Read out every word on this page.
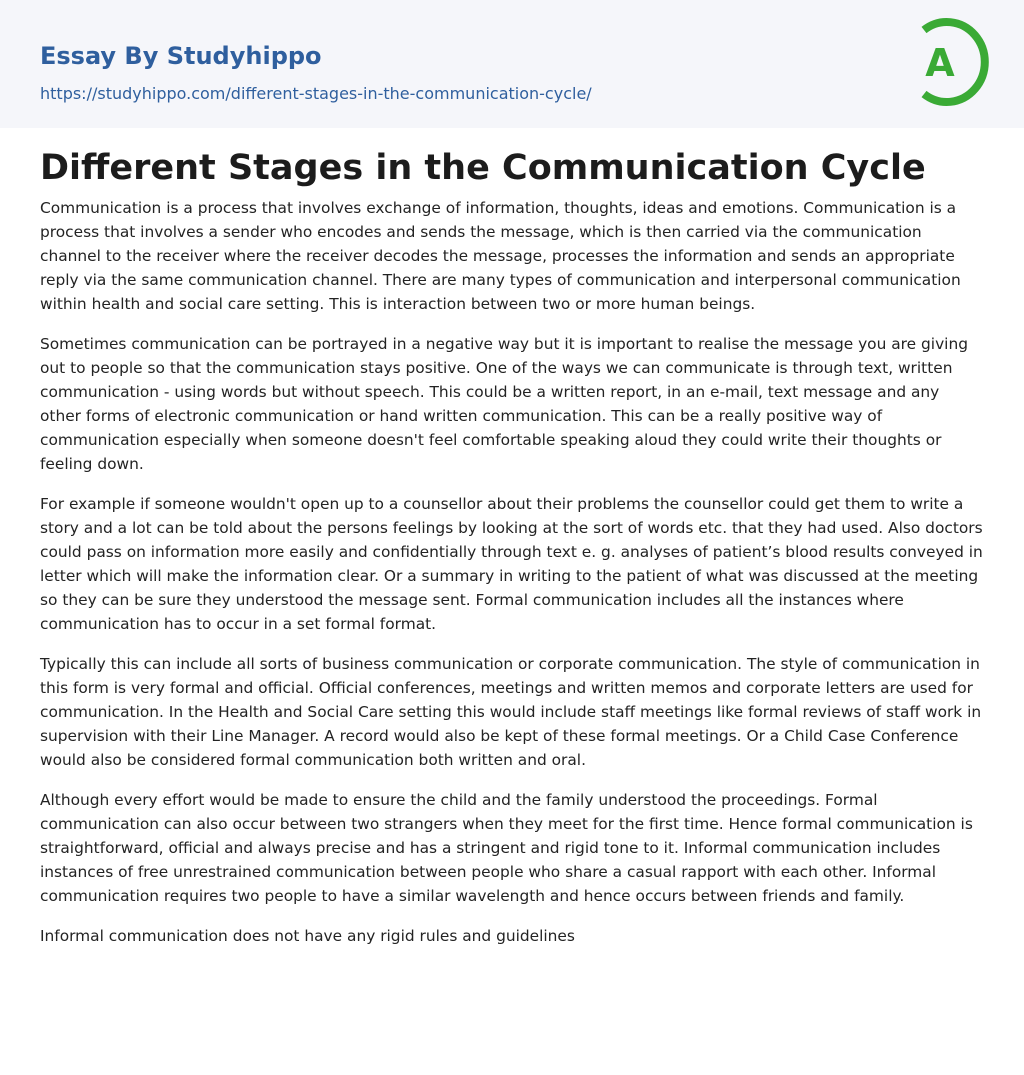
Essay By Studyhippo
https://studyhippo.com/different-stages-in-the-communication-cycle/
A
Different Stages in the Communication Cycle

Communication is a process that involves exchange of information, thoughts, ideas and emotions. Communication is a process that involves a sender who encodes and sends the message, which is then carried via the communication channel to the receiver where the receiver decodes the message, processes the information and sends an appropriate reply via the same communication channel. There are many types of communication and interpersonal communication within health and social care setting. This is interaction between two or more human beings.

Sometimes communication can be portrayed in a negative way but it is important to realise the message you are giving out to people so that the communication stays positive. One of the ways we can communicate is through text, written communication - using words but without speech. This could be a written report, in an e-mail, text message and any other forms of electronic communication or hand written communication. This can be a really positive way of communication especially when someone doesn't feel comfortable speaking aloud they could write their thoughts or feeling down.

For example if someone wouldn't open up to a counsellor about their problems the counsellor could get them to write a story and a lot can be told about the persons feelings by looking at the sort of words etc. that they had used. Also doctors could pass on information more easily and confidentially through text e. g. analyses of patient’s blood results conveyed in letter which will make the information clear. Or a summary in writing to the patient of what was discussed at the meeting so they can be sure they understood the message sent. Formal communication includes all the instances where communication has to occur in a set formal format.

Typically this can include all sorts of business communication or corporate communication. The style of communication in this form is very formal and official. Official conferences, meetings and written memos and corporate letters are used for communication. In the Health and Social Care setting this would include staff meetings like formal reviews of staff work in supervision with their Line Manager. A record would also be kept of these formal meetings. Or a Child Case Conference would also be considered formal communication both written and oral.

Although every effort would be made to ensure the child and the family understood the proceedings. Formal communication can also occur between two strangers when they meet for the first time. Hence formal communication is straightforward, official and always precise and has a stringent and rigid tone to it. Informal communication includes instances of free unrestrained communication between people who share a casual rapport with each other. Informal communication requires two people to have a similar wavelength and hence occurs between friends and family.

Informal communication does not have any rigid rules and guidelines
